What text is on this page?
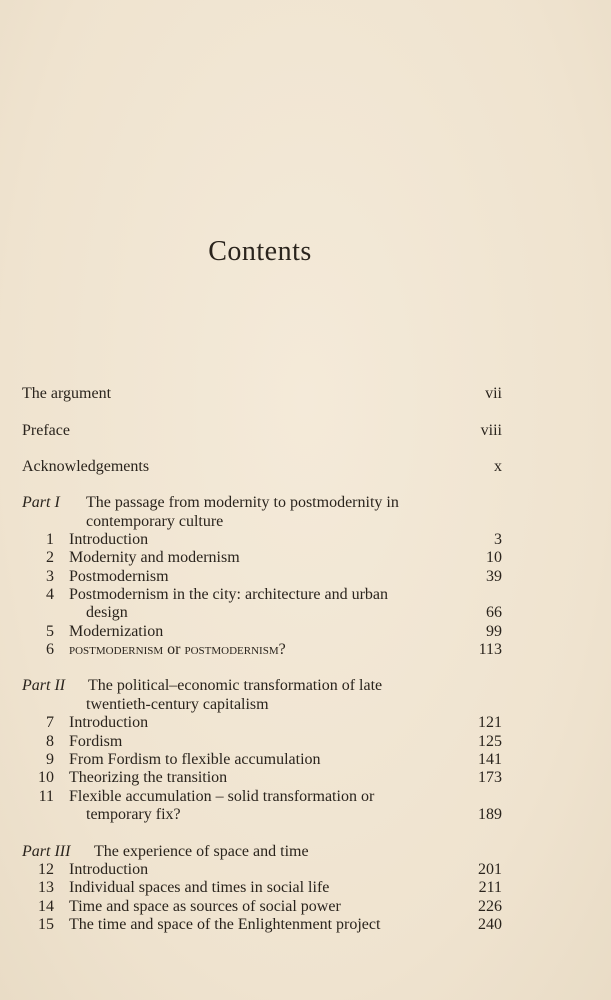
Contents
The argument	vii
Preface	viii
Acknowledgements	x
Part I The passage from modernity to postmodernity in
contemporary culture
1 Introduction	3
2 Modernity and modernism	10
3 Postmodernism	39
4 Postmodernism in the city: architecture and urban
design	66
5 Modernization	99
6 postmodernism or postmodernism?	113
Part II The political–economic transformation of late
twentieth-century capitalism
7 Introduction	121
8 Fordism	125
9 From Fordism to flexible accumulation	141
10 Theorizing the transition	173
11 Flexible accumulation – solid transformation or
temporary fix?	189
Part III The experience of space and time
12 Introduction	201
13 Individual spaces and times in social life	211
14 Time and space as sources of social power	226
15 The time and space of the Enlightenment project	240
